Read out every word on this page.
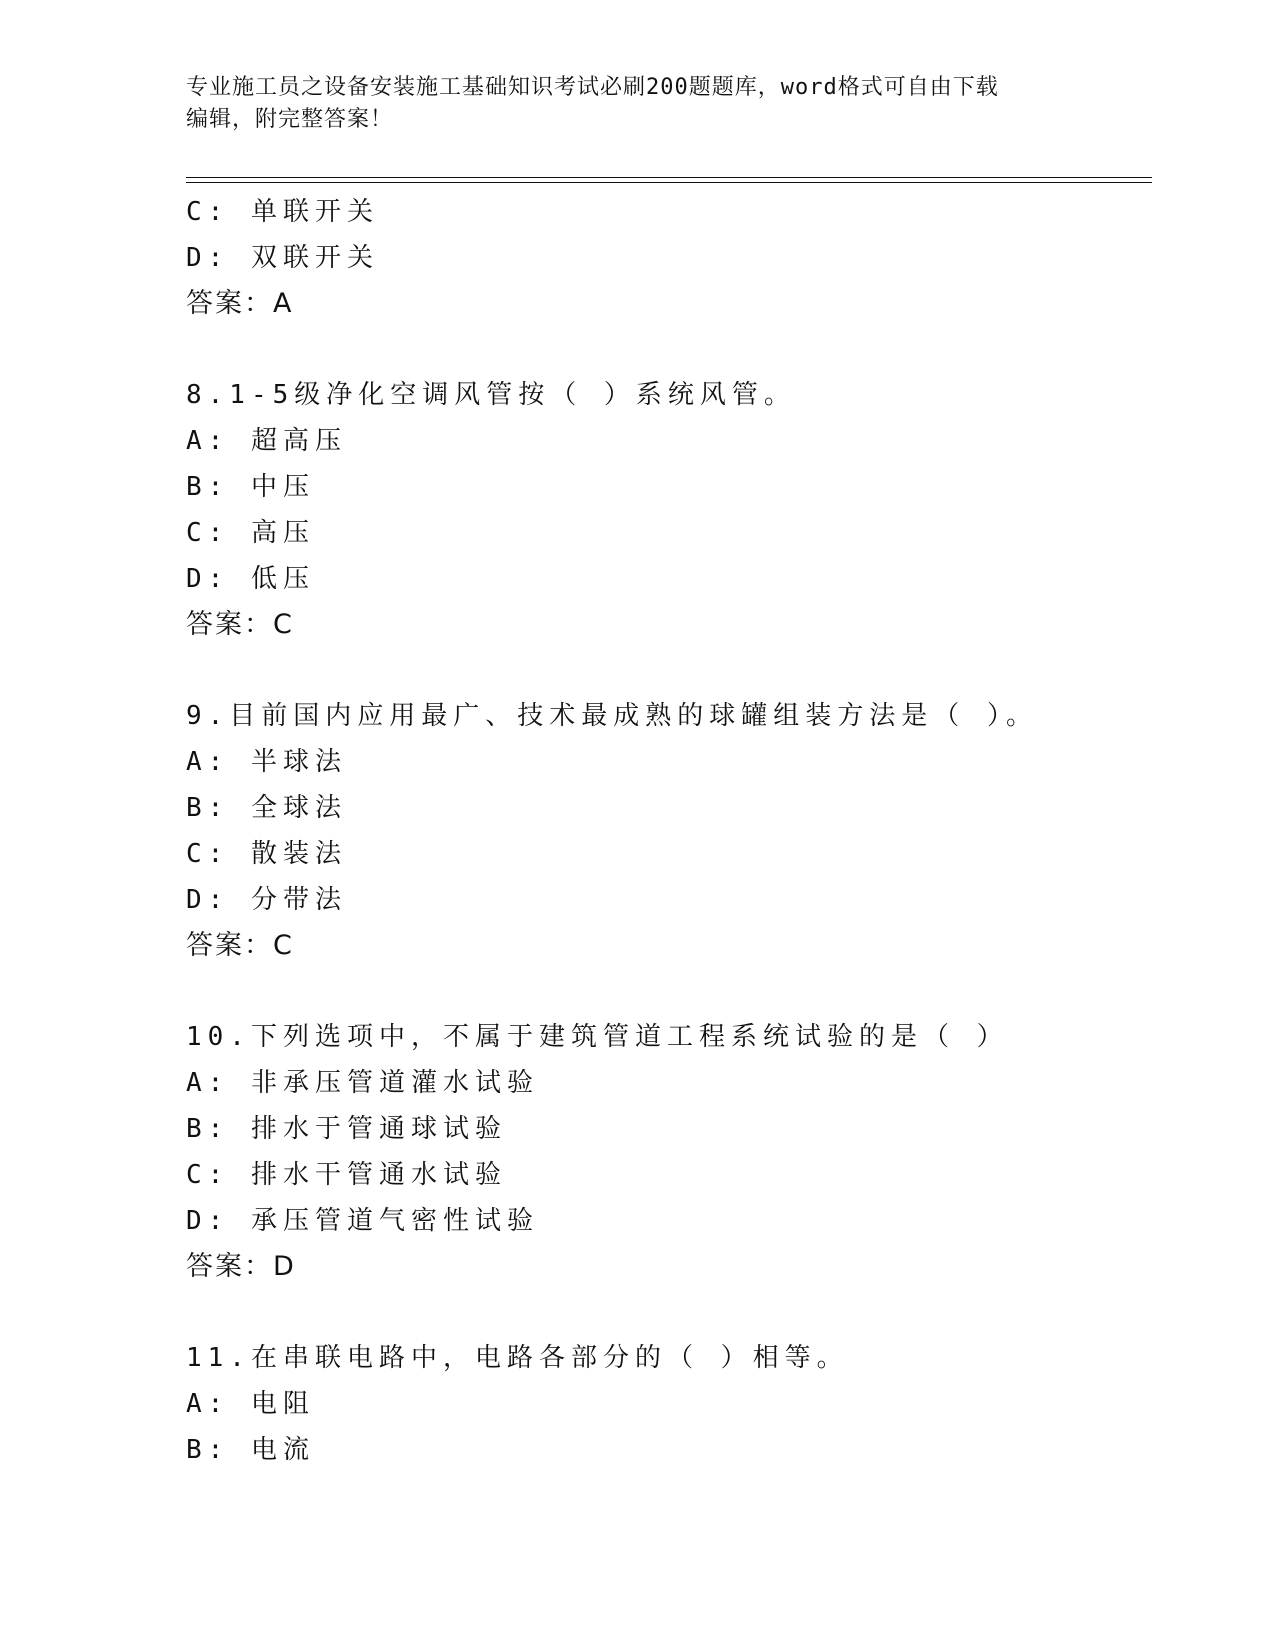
专业施工员之设备安装施工基础知识考试必刷200题题库，word格式可自由下载
编辑，附完整答案！
C: 单联开关
D: 双联开关
答案：A
8.1-5级净化空调风管按（ ）系统风管。
A: 超高压
B: 中压
C: 高压
D: 低压
答案：C
9.目前国内应用最广、技术最成熟的球罐组装方法是（ ）。
A: 半球法
B: 全球法
C: 散装法
D: 分带法
答案：C
10.下列选项中，不属于建筑管道工程系统试验的是（ ）
A: 非承压管道灌水试验
B: 排水于管通球试验
C: 排水干管通水试验
D: 承压管道气密性试验
答案：D
11.在串联电路中，电路各部分的（ ）相等。
A: 电阻
B: 电流
